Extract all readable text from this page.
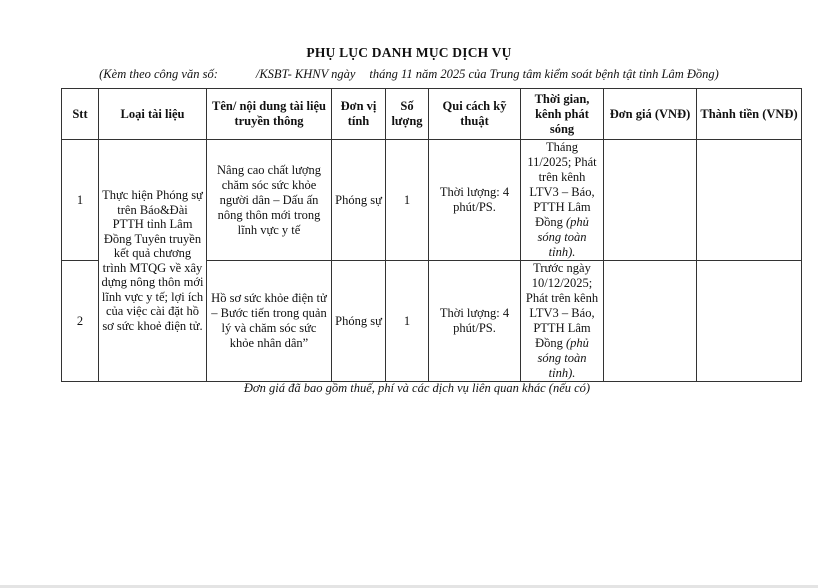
PHỤ LỤC DANH MỤC DỊCH VỤ
(Kèm theo công văn số:	/KSBT- KHNV ngày tháng 11 năm 2025 của Trung tâm kiểm soát bệnh tật tỉnh Lâm Đồng)
Stt	Loại tài liệu	Tên/ nội dung tài liệu truyền thông	Đơn vị tính	Số lượng	Qui cách kỹ thuật	Thời gian, kênh phát sóng	Đơn giá (VNĐ)	Thành tiền (VNĐ)
1	Thực hiện Phóng sự trên Báo&Đài PTTH tỉnh Lâm Đồng Tuyên truyền kết quả chương trình MTQG về xây dựng nông thôn mới lĩnh vực y tế; lợi ích của việc cài đặt hồ sơ sức khoẻ điện tử.	Nâng cao chất lượng chăm sóc sức khỏe người dân – Dấu ấn nông thôn mới trong lĩnh vực y tế	Phóng sự	1	Thời lượng: 4 phút/PS.	Tháng 11/2025; Phát trên kênh LTV3 – Báo, PTTH Lâm Đồng (phủ sóng toàn tỉnh).		
2		Hồ sơ sức khỏe điện tử – Bước tiến trong quản lý và chăm sóc sức khỏe nhân dân”	Phóng sự	1	Thời lượng: 4 phút/PS.	Trước ngày 10/12/2025; Phát trên kênh LTV3 – Báo, PTTH Lâm Đồng (phủ sóng toàn tỉnh).		
Đơn giá đã bao gồm thuế, phí và các dịch vụ liên quan khác (nếu có)
